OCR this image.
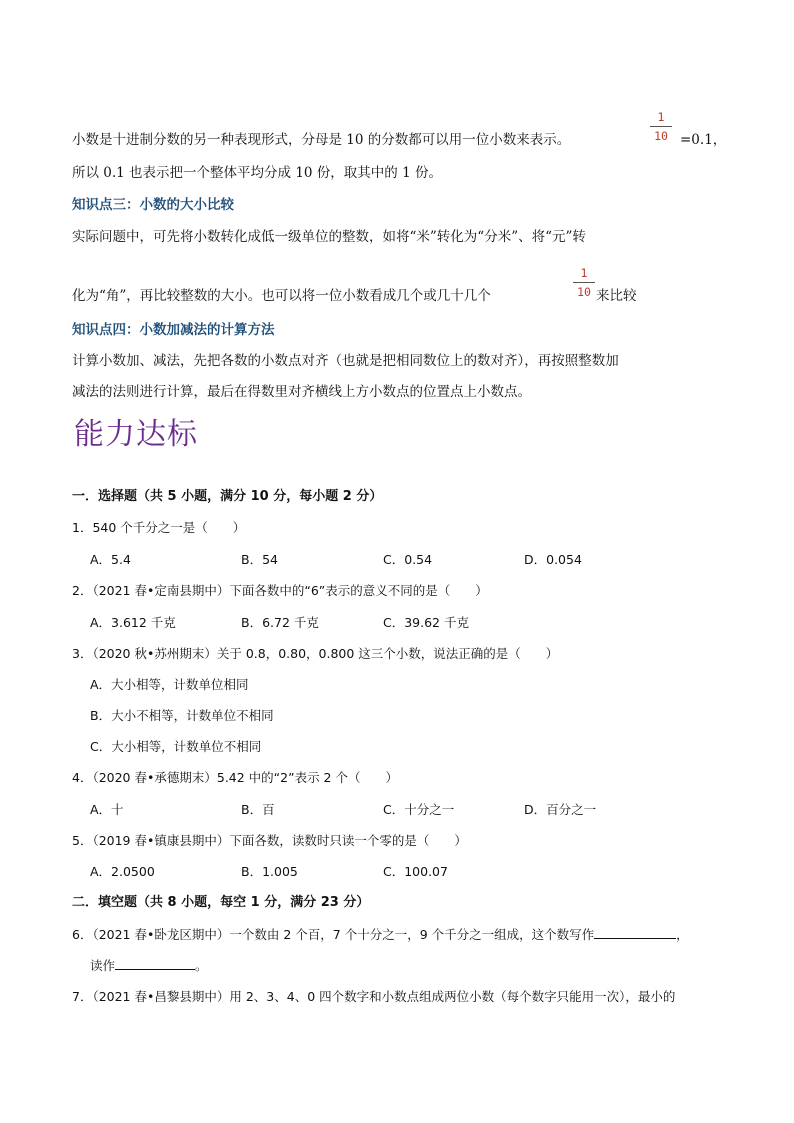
小数是十进制分数的另一种表现形式，分母是 10 的分数都可以用一位小数来表示。
1
10 =0.1，
所以 0.1 也表示把一个整体平均分成 10 份，取其中的 1 份。
知识点三：小数的大小比较
实际问题中，可先将小数转化成低一级单位的整数，如将“米”转化为“分米”、将“元”转
化为“角”，再比较整数的大小。也可以将一位小数看成几个或几十几个
1
10 来比较
知识点四：小数加减法的计算方法
计算小数加、减法，先把各数的小数点对齐（也就是把相同数位上的数对齐），再按照整数加
减法的法则进行计算，最后在得数里对齐横线上方小数点的位置点上小数点。
能力达标
一．选择题（共 5 小题，满分 10 分，每小题 2 分）
1．540 个千分之一是（　　）
A．5.4	B．54	C．0.54	D．0.054
2．（2021 春•定南县期中）下面各数中的“6”表示的意义不同的是（　　）
A．3.612 千克	B．6.72 千克	C．39.62 千克
3．（2020 秋•苏州期末）关于 0.8，0.80，0.800 这三个小数，说法正确的是（　　）
A．大小相等，计数单位相同
B．大小不相等，计数单位不相同
C．大小相等，计数单位不相同
4．（2020 春•承德期末）5.42 中的“2”表示 2 个（　　）
A．十	B．百	C．十分之一	D．百分之一
5．（2019 春•镇康县期中）下面各数，读数时只读一个零的是（　　）
A．2.0500	B．1.005	C．100.07
二．填空题（共 8 小题，每空 1 分，满分 23 分）
6．（2021 春•卧龙区期中）一个数由 2 个百，7 个十分之一，9 个千分之一组成，这个数写作	，
读作	。
7．（2021 春•昌黎县期中）用 2、3、4、0 四个数字和小数点组成两位小数（每个数字只能用一次），最小的
